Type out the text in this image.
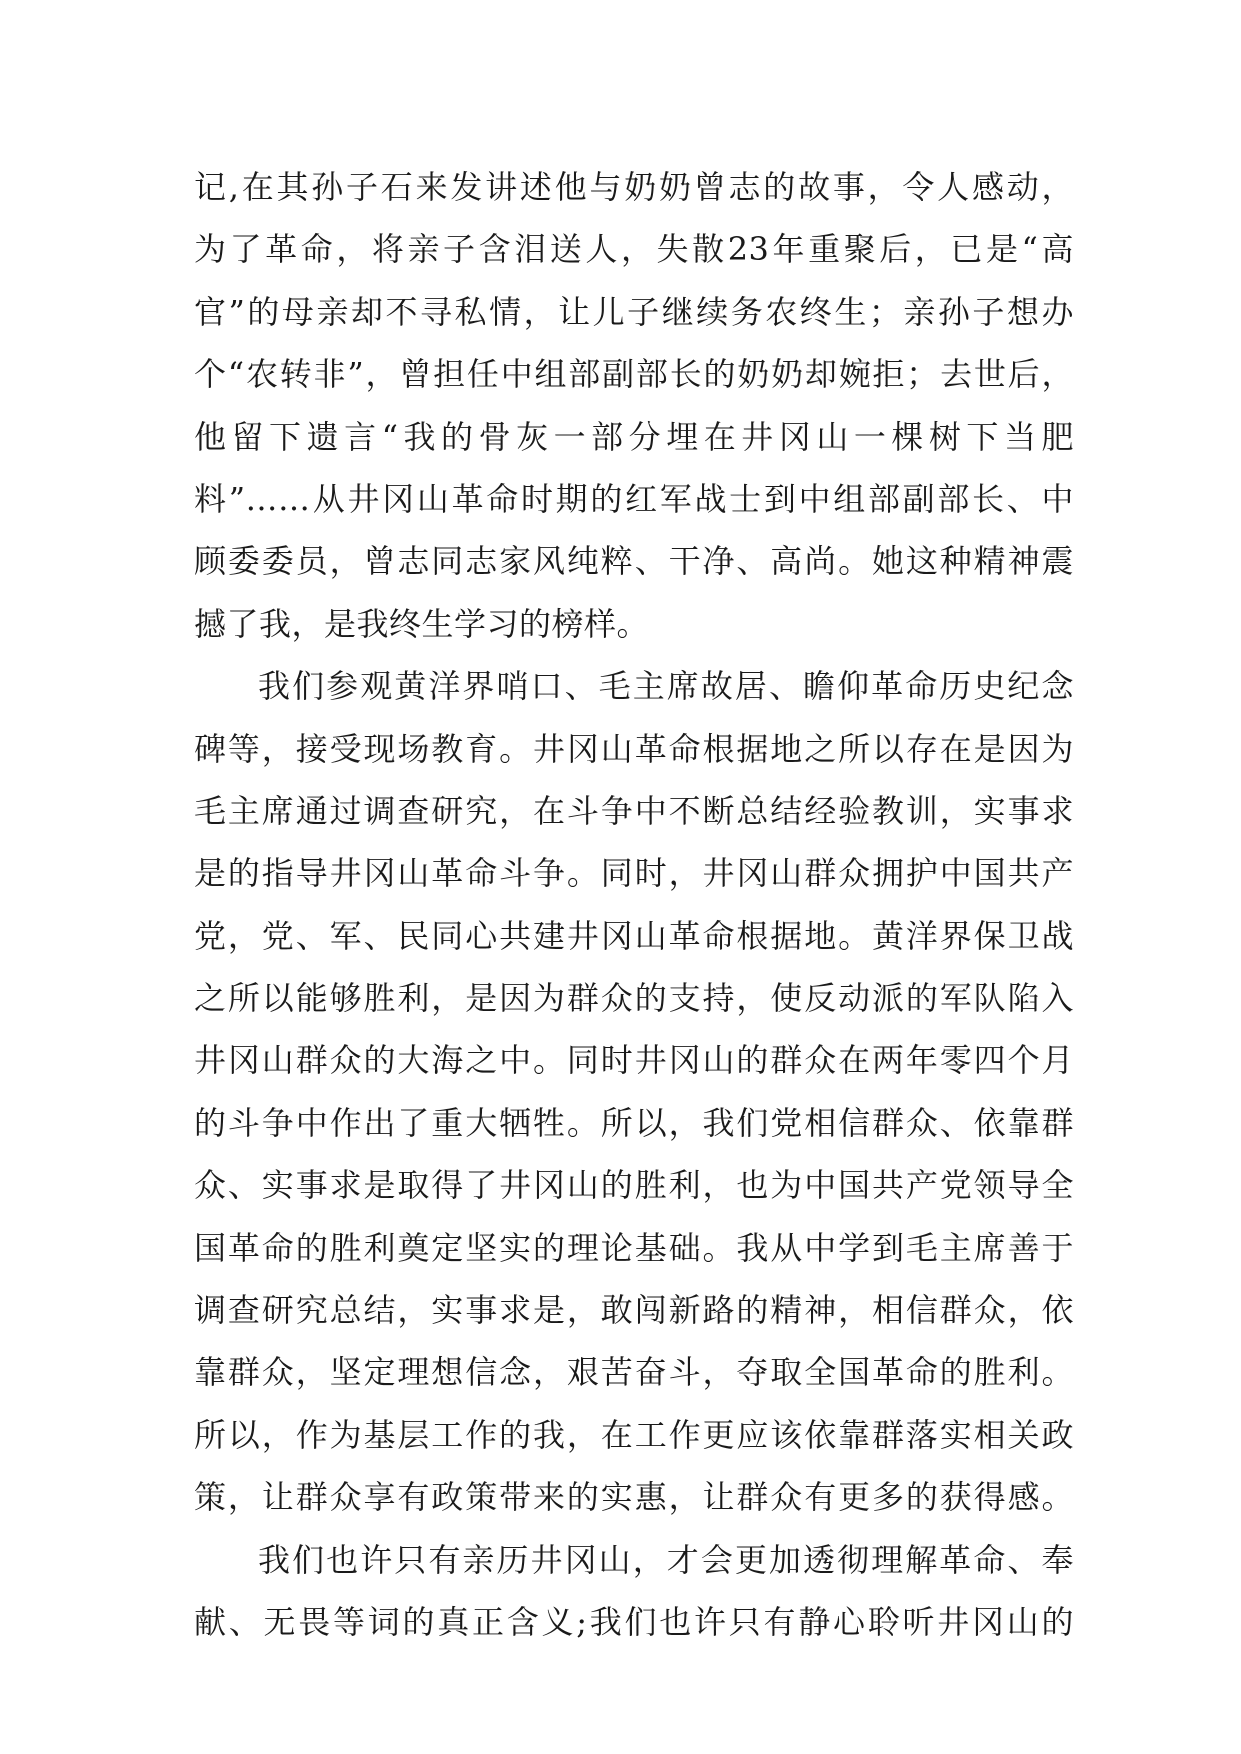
记,在其孙子石来发讲述他与奶奶曾志的故事，令人感动，
为了革命，将亲子含泪送人，失散23年重聚后，已是“高
官”的母亲却不寻私情，让儿子继续务农终生；亲孙子想办
个“农转非”，曾担任中组部副部长的奶奶却婉拒；去世后，
他留下遗言“我的骨灰一部分埋在井冈山一棵树下当肥
料”……从井冈山革命时期的红军战士到中组部副部长、中
顾委委员，曾志同志家风纯粹、干净、高尚。她这种精神震
撼了我，是我终生学习的榜样。
我们参观黄洋界哨口、毛主席故居、瞻仰革命历史纪念
碑等，接受现场教育。井冈山革命根据地之所以存在是因为
毛主席通过调查研究，在斗争中不断总结经验教训，实事求
是的指导井冈山革命斗争。同时，井冈山群众拥护中国共产
党，党、军、民同心共建井冈山革命根据地。黄洋界保卫战
之所以能够胜利，是因为群众的支持，使反动派的军队陷入
井冈山群众的大海之中。同时井冈山的群众在两年零四个月
的斗争中作出了重大牺牲。所以，我们党相信群众、依靠群
众、实事求是取得了井冈山的胜利，也为中国共产党领导全
国革命的胜利奠定坚实的理论基础。我从中学到毛主席善于
调查研究总结，实事求是，敢闯新路的精神，相信群众，依
靠群众，坚定理想信念，艰苦奋斗，夺取全国革命的胜利。
所以，作为基层工作的我，在工作更应该依靠群落实相关政
策，让群众享有政策带来的实惠，让群众有更多的获得感。
我们也许只有亲历井冈山，才会更加透彻理解革命、奉
献、无畏等词的真正含义;我们也许只有静心聆听井冈山的
